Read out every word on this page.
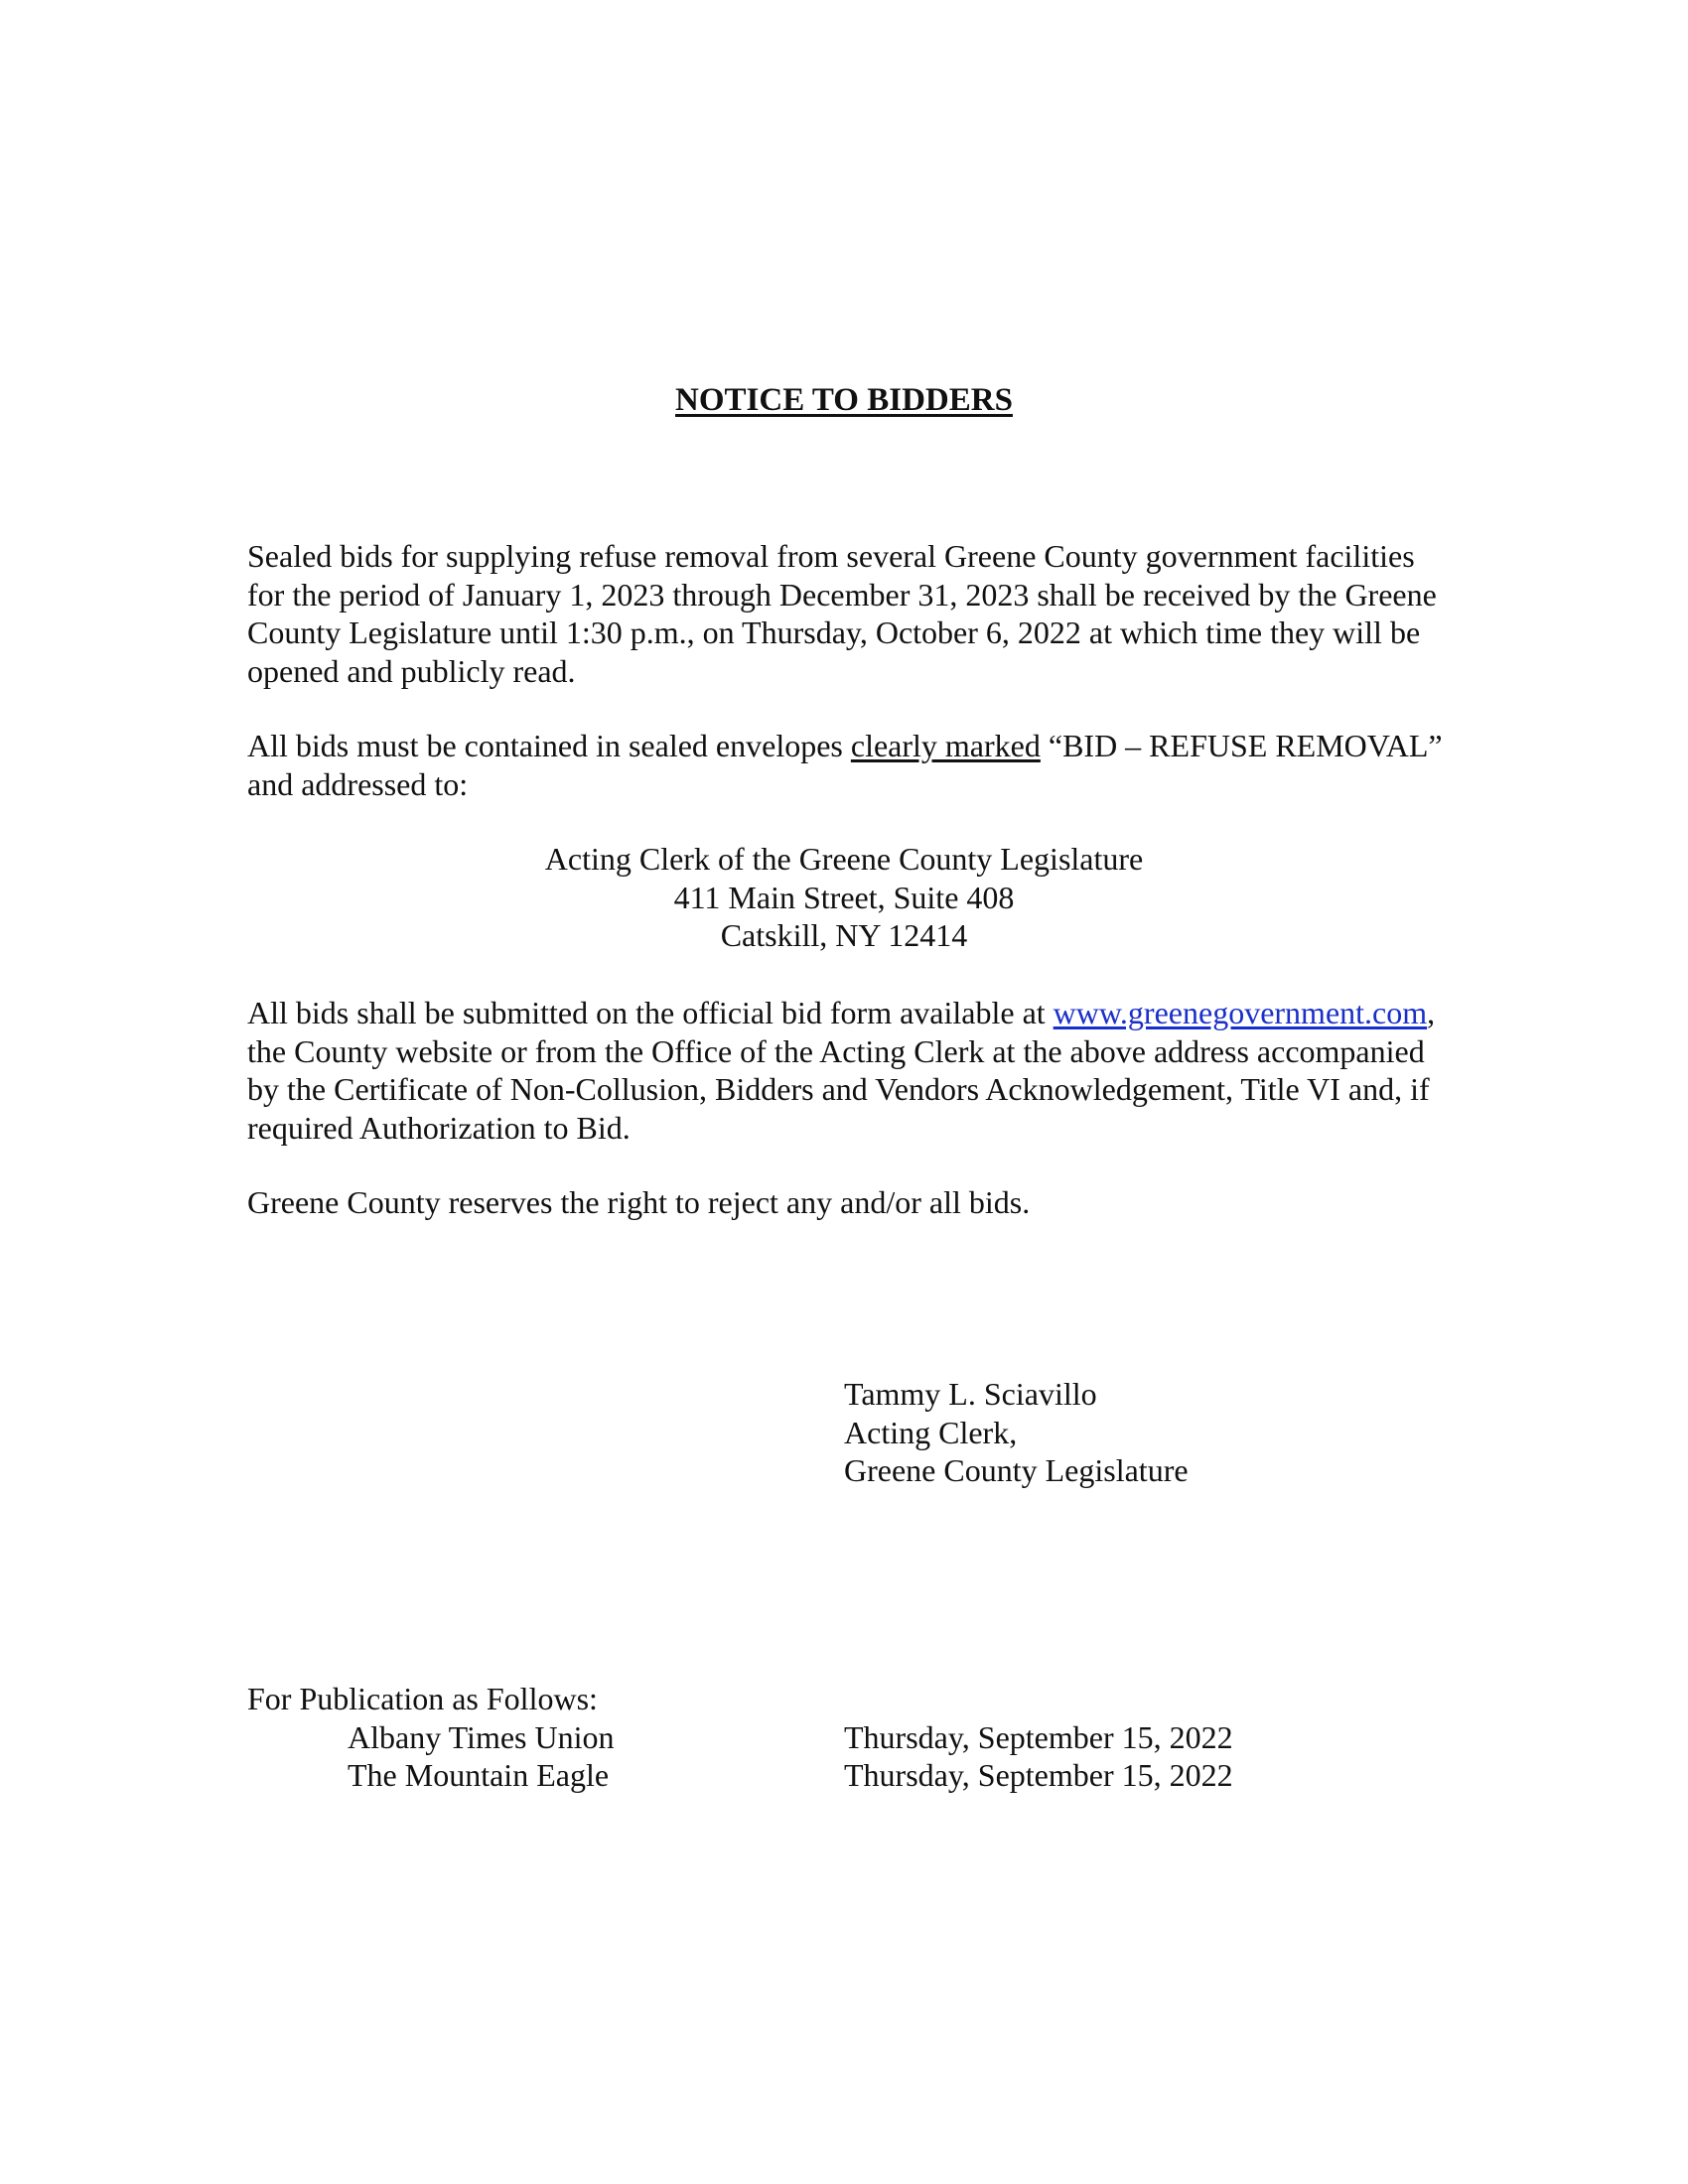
NOTICE TO BIDDERS

Sealed bids for supplying refuse removal from several Greene County government facilities for the period of January 1, 2023 through December 31, 2023 shall be received by the Greene County Legislature until 1:30 p.m., on Thursday, October 6, 2022 at which time they will be opened and publicly read.

All bids must be contained in sealed envelopes clearly marked “BID – REFUSE REMOVAL” and addressed to:

Acting Clerk of the Greene County Legislature
411 Main Street, Suite 408
Catskill, NY 12414

All bids shall be submitted on the official bid form available at www.greenegovernment.com, the County website or from the Office of the Acting Clerk at the above address accompanied by the Certificate of Non-Collusion, Bidders and Vendors Acknowledgement, Title VI and, if required Authorization to Bid.

Greene County reserves the right to reject any and/or all bids.

Tammy L. Sciavillo
Acting Clerk,
Greene County Legislature
For Publication as Follows:
Albany Times Union	Thursday, September 15, 2022
The Mountain Eagle	Thursday, September 15, 2022
